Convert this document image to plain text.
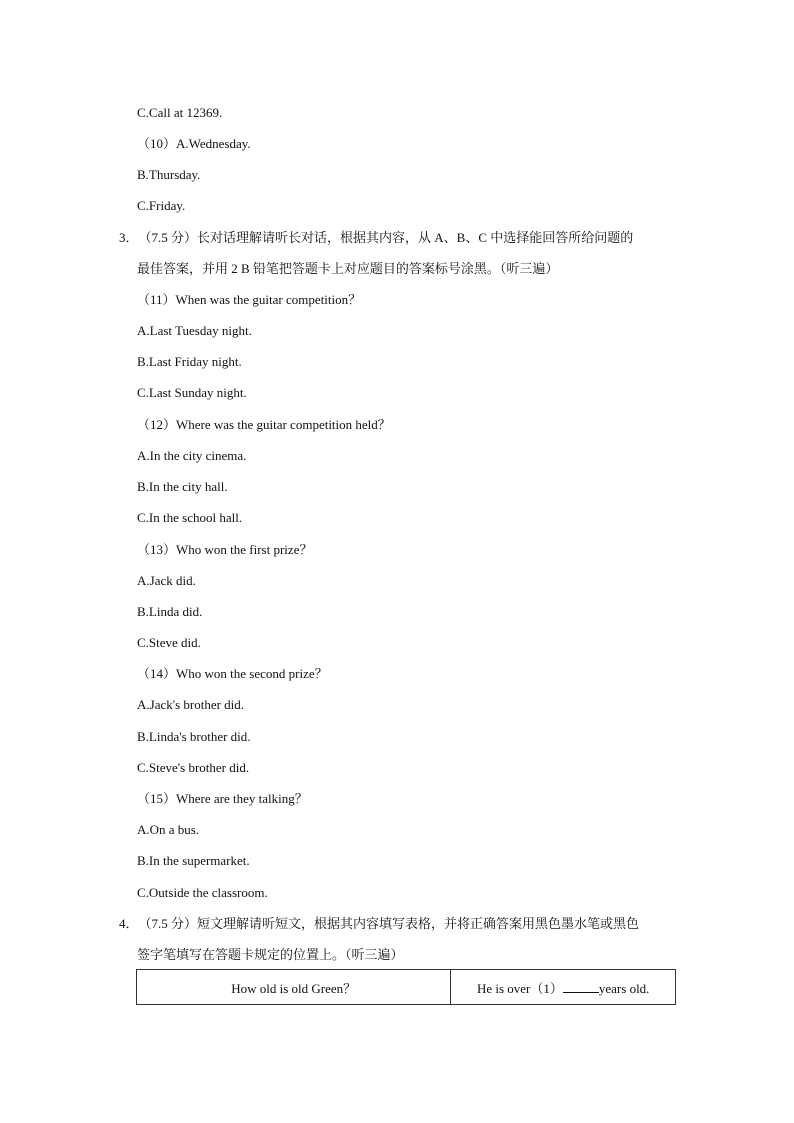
C.Call at 12369.
（10）A.Wednesday.
B.Thursday.
C.Friday.
3．（7.5 分）长对话理解请听长对话，根据其内容，从 A、B、C 中选择能回答所给问题的
最佳答案，并用 2 B 铅笔把答题卡上对应题目的答案标号涂黑。（听三遍）
（11）When was the guitar competition？
A.Last Tuesday night.
B.Last Friday night.
C.Last Sunday night.
（12）Where was the guitar competition held？
A.In the city cinema.
B.In the city hall.
C.In the school hall.
（13）Who won the first prize？
A.Jack did.
B.Linda did.
C.Steve did.
（14）Who won the second prize？
A.Jack's brother did.
B.Linda's brother did.
C.Steve's brother did.
（15）Where are they talking？
A.On a bus.
B.In the supermarket.
C.Outside the classroom.
4．（7.5 分）短文理解请听短文，根据其内容填写表格，并将正确答案用黑色墨水笔或黑色
签字笔填写在答题卡规定的位置上。（听三遍）
How old is old Green？	He is over（1）	years old.
